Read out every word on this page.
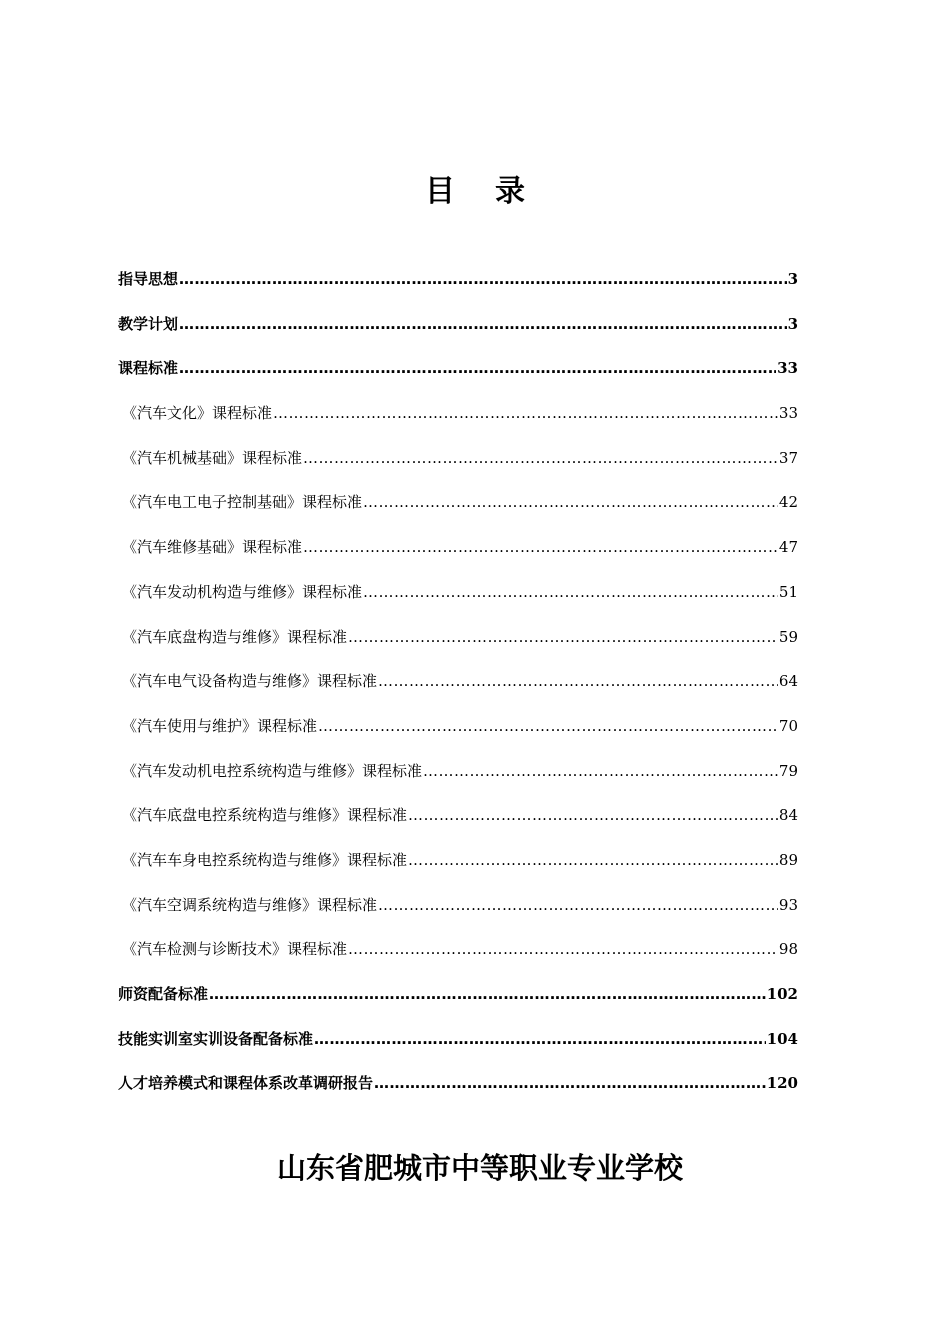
目录
指导思想 ………………………………………………………………………………………………………………………………………………………………………………………………	3
教学计划 ………………………………………………………………………………………………………………………………………………………………………………………………	3
课程标准 ………………………………………………………………………………………………………………………………………………………………………………………………	33
《汽车文化》课程标准 ………………………………………………………………………………………………………………………………………………………………………………………………	33
《汽车机械基础》课程标准 ………………………………………………………………………………………………………………………………………………………………………………………………	37
《汽车电工电子控制基础》课程标准 ………………………………………………………………………………………………………………………………………………………………………………………………	42
《汽车维修基础》课程标准 ………………………………………………………………………………………………………………………………………………………………………………………………	47
《汽车发动机构造与维修》课程标准 ………………………………………………………………………………………………………………………………………………………………………………………………	51
《汽车底盘构造与维修》课程标准 ………………………………………………………………………………………………………………………………………………………………………………………………	59
《汽车电气设备构造与维修》课程标准 ………………………………………………………………………………………………………………………………………………………………………………………………	64
《汽车使用与维护》课程标准 ………………………………………………………………………………………………………………………………………………………………………………………………	70
《汽车发动机电控系统构造与维修》课程标准 ………………………………………………………………………………………………………………………………………………………………………………………………	79
《汽车底盘电控系统构造与维修》课程标准 ………………………………………………………………………………………………………………………………………………………………………………………………	84
《汽车车身电控系统构造与维修》课程标准 ………………………………………………………………………………………………………………………………………………………………………………………………	89
《汽车空调系统构造与维修》课程标准 ………………………………………………………………………………………………………………………………………………………………………………………………	93
《汽车检测与诊断技术》课程标准 ………………………………………………………………………………………………………………………………………………………………………………………………	98
师资配备标准 ………………………………………………………………………………………………………………………………………………………………………………………………	102
技能实训室实训设备配备标准 ………………………………………………………………………………………………………………………………………………………………………………………………	104
人才培养模式和课程体系改革调研报告 ………………………………………………………………………………………………………………………………………………………………………………………………	120
山东省肥城市中等职业专业学校
